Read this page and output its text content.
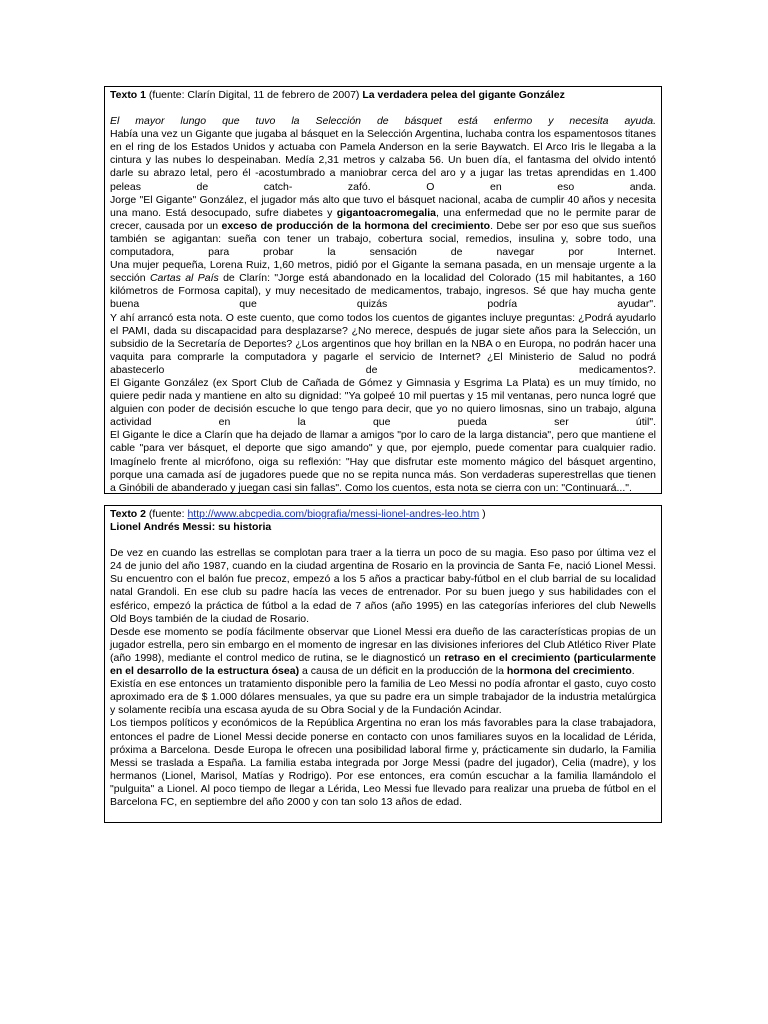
Texto 1 (fuente: Clarín Digital, 11 de febrero de 2007) La verdadera pelea del gigante González

El mayor lungo que tuvo la Selección de básquet está enfermo y necesita ayuda.

Había una vez un Gigante que jugaba al básquet en la Selección Argentina, luchaba contra los espamentosos titanes en el ring de los Estados Unidos y actuaba con Pamela Anderson en la serie Baywatch. El Arco Iris le llegaba a la cintura y las nubes lo despeinaban. Medía 2,31 metros y calzaba 56. Un buen día, el fantasma del olvido intentó darle su abrazo letal, pero él -acostumbrado a maniobrar cerca del aro y a jugar las tretas aprendidas en 1.400 peleas de catch- zafó. O en eso anda.

Jorge "El Gigante" González, el jugador más alto que tuvo el básquet nacional, acaba de cumplir 40 años y necesita una mano. Está desocupado, sufre diabetes y gigantoacromegalia, una enfermedad que no le permite parar de crecer, causada por un exceso de producción de la hormona del crecimiento. Debe ser por eso que sus sueños también se agigantan: sueña con tener un trabajo, cobertura social, remedios, insulina y, sobre todo, una computadora, para probar la sensación de navegar por Internet.

Una mujer pequeña, Lorena Ruiz, 1,60 metros, pidió por el Gigante la semana pasada, en un mensaje urgente a la sección Cartas al País de Clarín: "Jorge está abandonado en la localidad del Colorado (15 mil habitantes, a 160 kilómetros de Formosa capital), y muy necesitado de medicamentos, trabajo, ingresos. Sé que hay mucha gente buena que quizás podría ayudar".

Y ahí arrancó esta nota. O este cuento, que como todos los cuentos de gigantes incluye preguntas: ¿Podrá ayudarlo el PAMI, dada su discapacidad para desplazarse? ¿No merece, después de jugar siete años para la Selección, un subsidio de la Secretaría de Deportes? ¿Los argentinos que hoy brillan en la NBA o en Europa, no podrán hacer una vaquita para comprarle la computadora y pagarle el servicio de Internet? ¿El Ministerio de Salud no podrá abastecerlo de medicamentos?.

El Gigante González (ex Sport Club de Cañada de Gómez y Gimnasia y Esgrima La Plata) es un muy tímido, no quiere pedir nada y mantiene en alto su dignidad: "Ya golpeé 10 mil puertas y 15 mil ventanas, pero nunca logré que alguien con poder de decisión escuche lo que tengo para decir, que yo no quiero limosnas, sino un trabajo, alguna actividad en la que pueda ser útil".

El Gigante le dice a Clarín que ha dejado de llamar a amigos "por lo caro de la larga distancia", pero que mantiene el cable "para ver básquet, el deporte que sigo amando" y que, por ejemplo, puede comentar para cualquier radio. Imagínelo frente al micrófono, oiga su reflexión: "Hay que disfrutar este momento mágico del básquet argentino, porque una camada así de jugadores puede que no se repita nunca más. Son verdaderas superestrellas que tienen a Ginóbili de abanderado y juegan casi sin fallas". Como los cuentos, esta nota se cierra con un: "Continuará...".

Texto 2 (fuente: http://www.abcpedia.com/biografia/messi-lionel-andres-leo.htm )

Lionel Andrés Messi: su historia

De vez en cuando las estrellas se complotan para traer a la tierra un poco de su magia. Eso paso por última vez el 24 de junio del año 1987, cuando en la ciudad argentina de Rosario en la provincia de Santa Fe, nació Lionel Messi. Su encuentro con el balón fue precoz, empezó a los 5 años a practicar baby-fútbol en el club barrial de su localidad natal Grandoli. En ese club su padre hacía las veces de entrenador. Por su buen juego y sus habilidades con el esférico, empezó la práctica de fútbol a la edad de 7 años (año 1995) en las categorías inferiores del club Newells Old Boys también de la ciudad de Rosario.

Desde ese momento se podía fácilmente observar que Lionel Messi era dueño de las características propias de un jugador estrella, pero sin embargo en el momento de ingresar en las divisiones inferiores del Club Atlético River Plate (año 1998), mediante el control medico de rutina, se le diagnosticó un retraso en el crecimiento (particularmente en el desarrollo de la estructura ósea) a causa de un déficit en la producción de la hormona del crecimiento.

Existía en ese entonces un tratamiento disponible pero la familia de Leo Messi no podía afrontar el gasto, cuyo costo aproximado era de $ 1.000 dólares mensuales, ya que su padre era un simple trabajador de la industria metalúrgica y solamente recibía una escasa ayuda de su Obra Social y de la Fundación Acindar.

Los tiempos políticos y económicos de la República Argentina no eran los más favorables para la clase trabajadora, entonces el padre de Lionel Messi decide ponerse en contacto con unos familiares suyos en la localidad de Lérida, próxima a Barcelona. Desde Europa le ofrecen una posibilidad laboral firme y, prácticamente sin dudarlo, la Familia Messi se traslada a España. La familia estaba integrada por Jorge Messi (padre del jugador), Celia (madre), y los hermanos (Lionel, Marisol, Matías y Rodrigo). Por ese entonces, era común escuchar a la familia llamándolo el "pulguita" a Lionel. Al poco tiempo de llegar a Lérida, Leo Messi fue llevado para realizar una prueba de fútbol en el Barcelona FC, en septiembre del año 2000 y con tan solo 13 años de edad.
